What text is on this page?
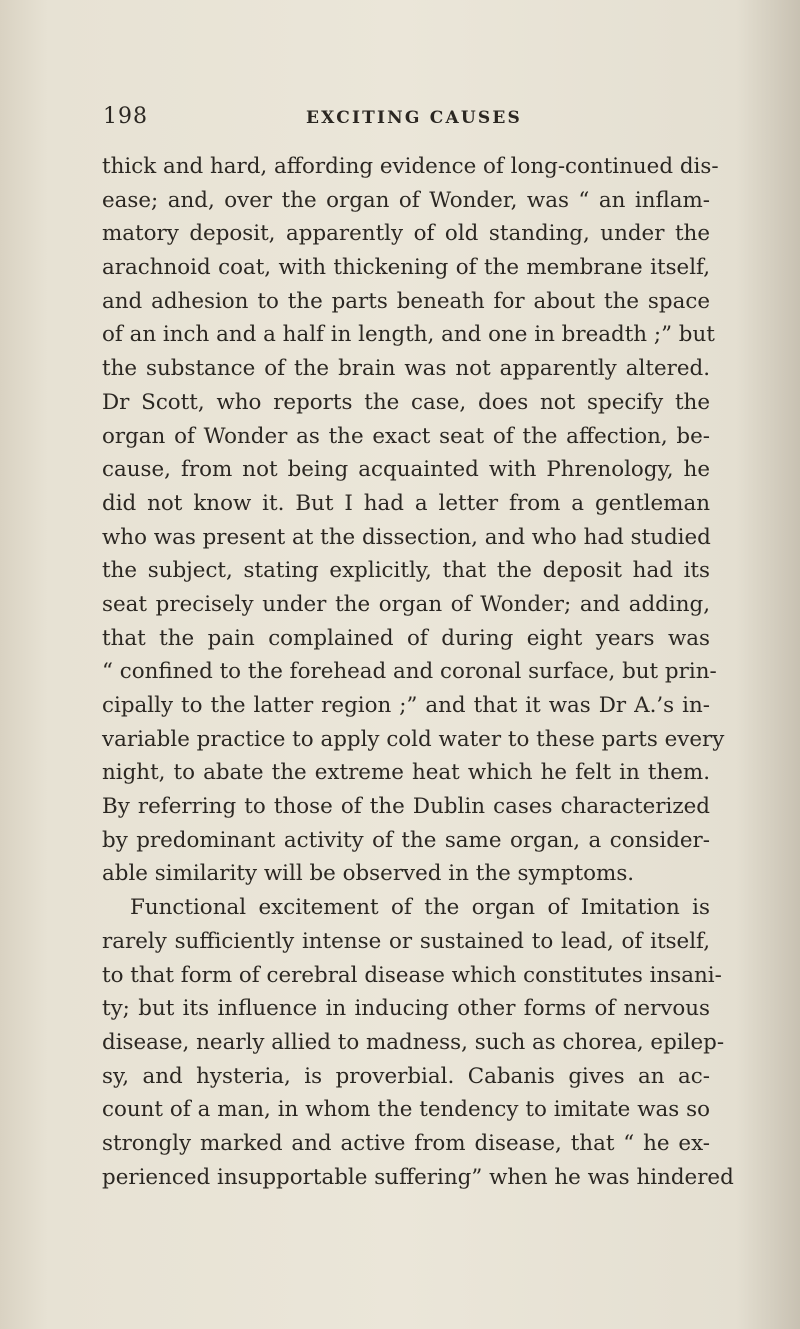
198	EXCITING CAUSES
thick and hard, affording evidence of long-continued dis-
ease; and, over the organ of Wonder, was “ an inflam-
matory deposit, apparently of old standing, under the
arachnoid coat, with thickening of the membrane itself,
and adhesion to the parts beneath for about the space
of an inch and a half in length, and one in breadth ;” but
the substance of the brain was not apparently altered.
Dr Scott, who reports the case, does not specify the
organ of Wonder as the exact seat of the affection, be-
cause, from not being acquainted with Phrenology, he
did not know it. But I had a letter from a gentleman
who was present at the dissection, and who had studied
the subject, stating explicitly, that the deposit had its
seat precisely under the organ of Wonder; and adding,
that the pain complained of during eight years was
“ confined to the forehead and coronal surface, but prin-
cipally to the latter region ;” and that it was Dr A.’s in-
variable practice to apply cold water to these parts every
night, to abate the extreme heat which he felt in them.
By referring to those of the Dublin cases characterized
by predominant activity of the same organ, a consider-
able similarity will be observed in the symptoms.
Functional excitement of the organ of Imitation is
rarely sufficiently intense or sustained to lead, of itself,
to that form of cerebral disease which constitutes insani-
ty; but its influence in inducing other forms of nervous
disease, nearly allied to madness, such as chorea, epilep-
sy, and hysteria, is proverbial. Cabanis gives an ac-
count of a man, in whom the tendency to imitate was so
strongly marked and active from disease, that “ he ex-
perienced insupportable suffering” when he was hindered
